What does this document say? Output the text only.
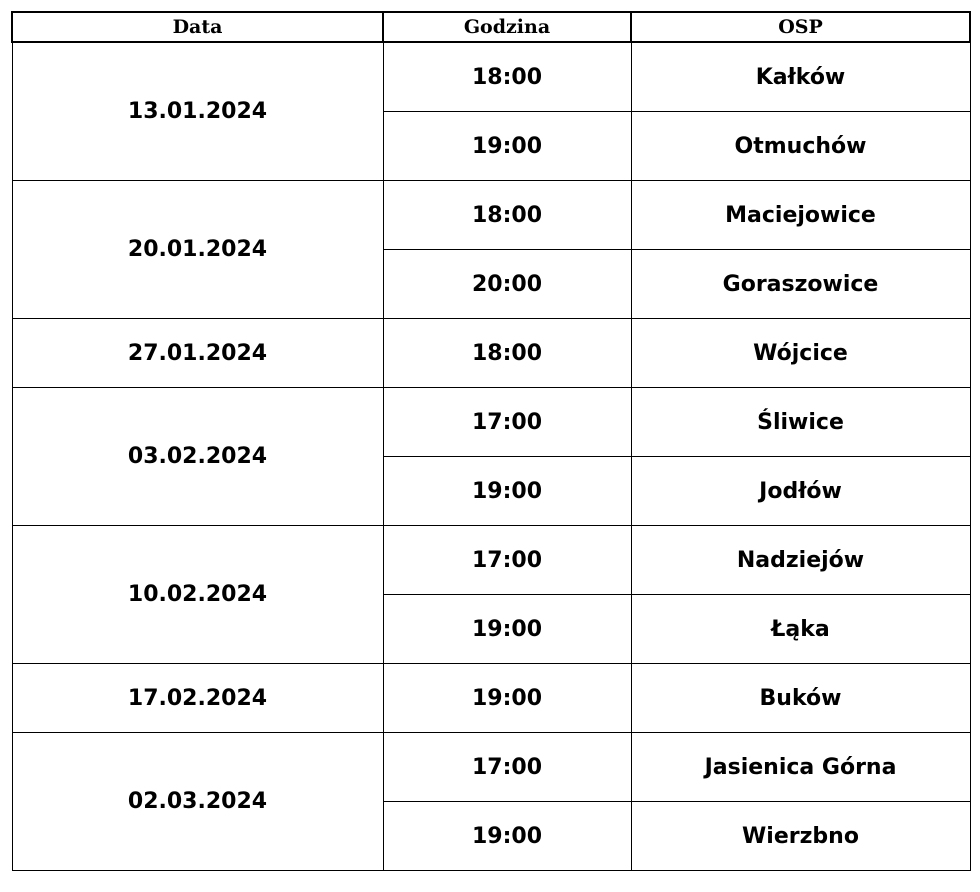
Data	Godzina	OSP
13.01.2024	18:00	Kałków
	19:00	Otmuchów
20.01.2024	18:00	Maciejowice
	20:00	Goraszowice
27.01.2024	18:00	Wójcice
03.02.2024	17:00	Śliwice
	19:00	Jodłów
10.02.2024	17:00	Nadziejów
	19:00	Łąka
17.02.2024	19:00	Buków
02.03.2024	17:00	Jasienica Górna
	19:00	Wierzbno
